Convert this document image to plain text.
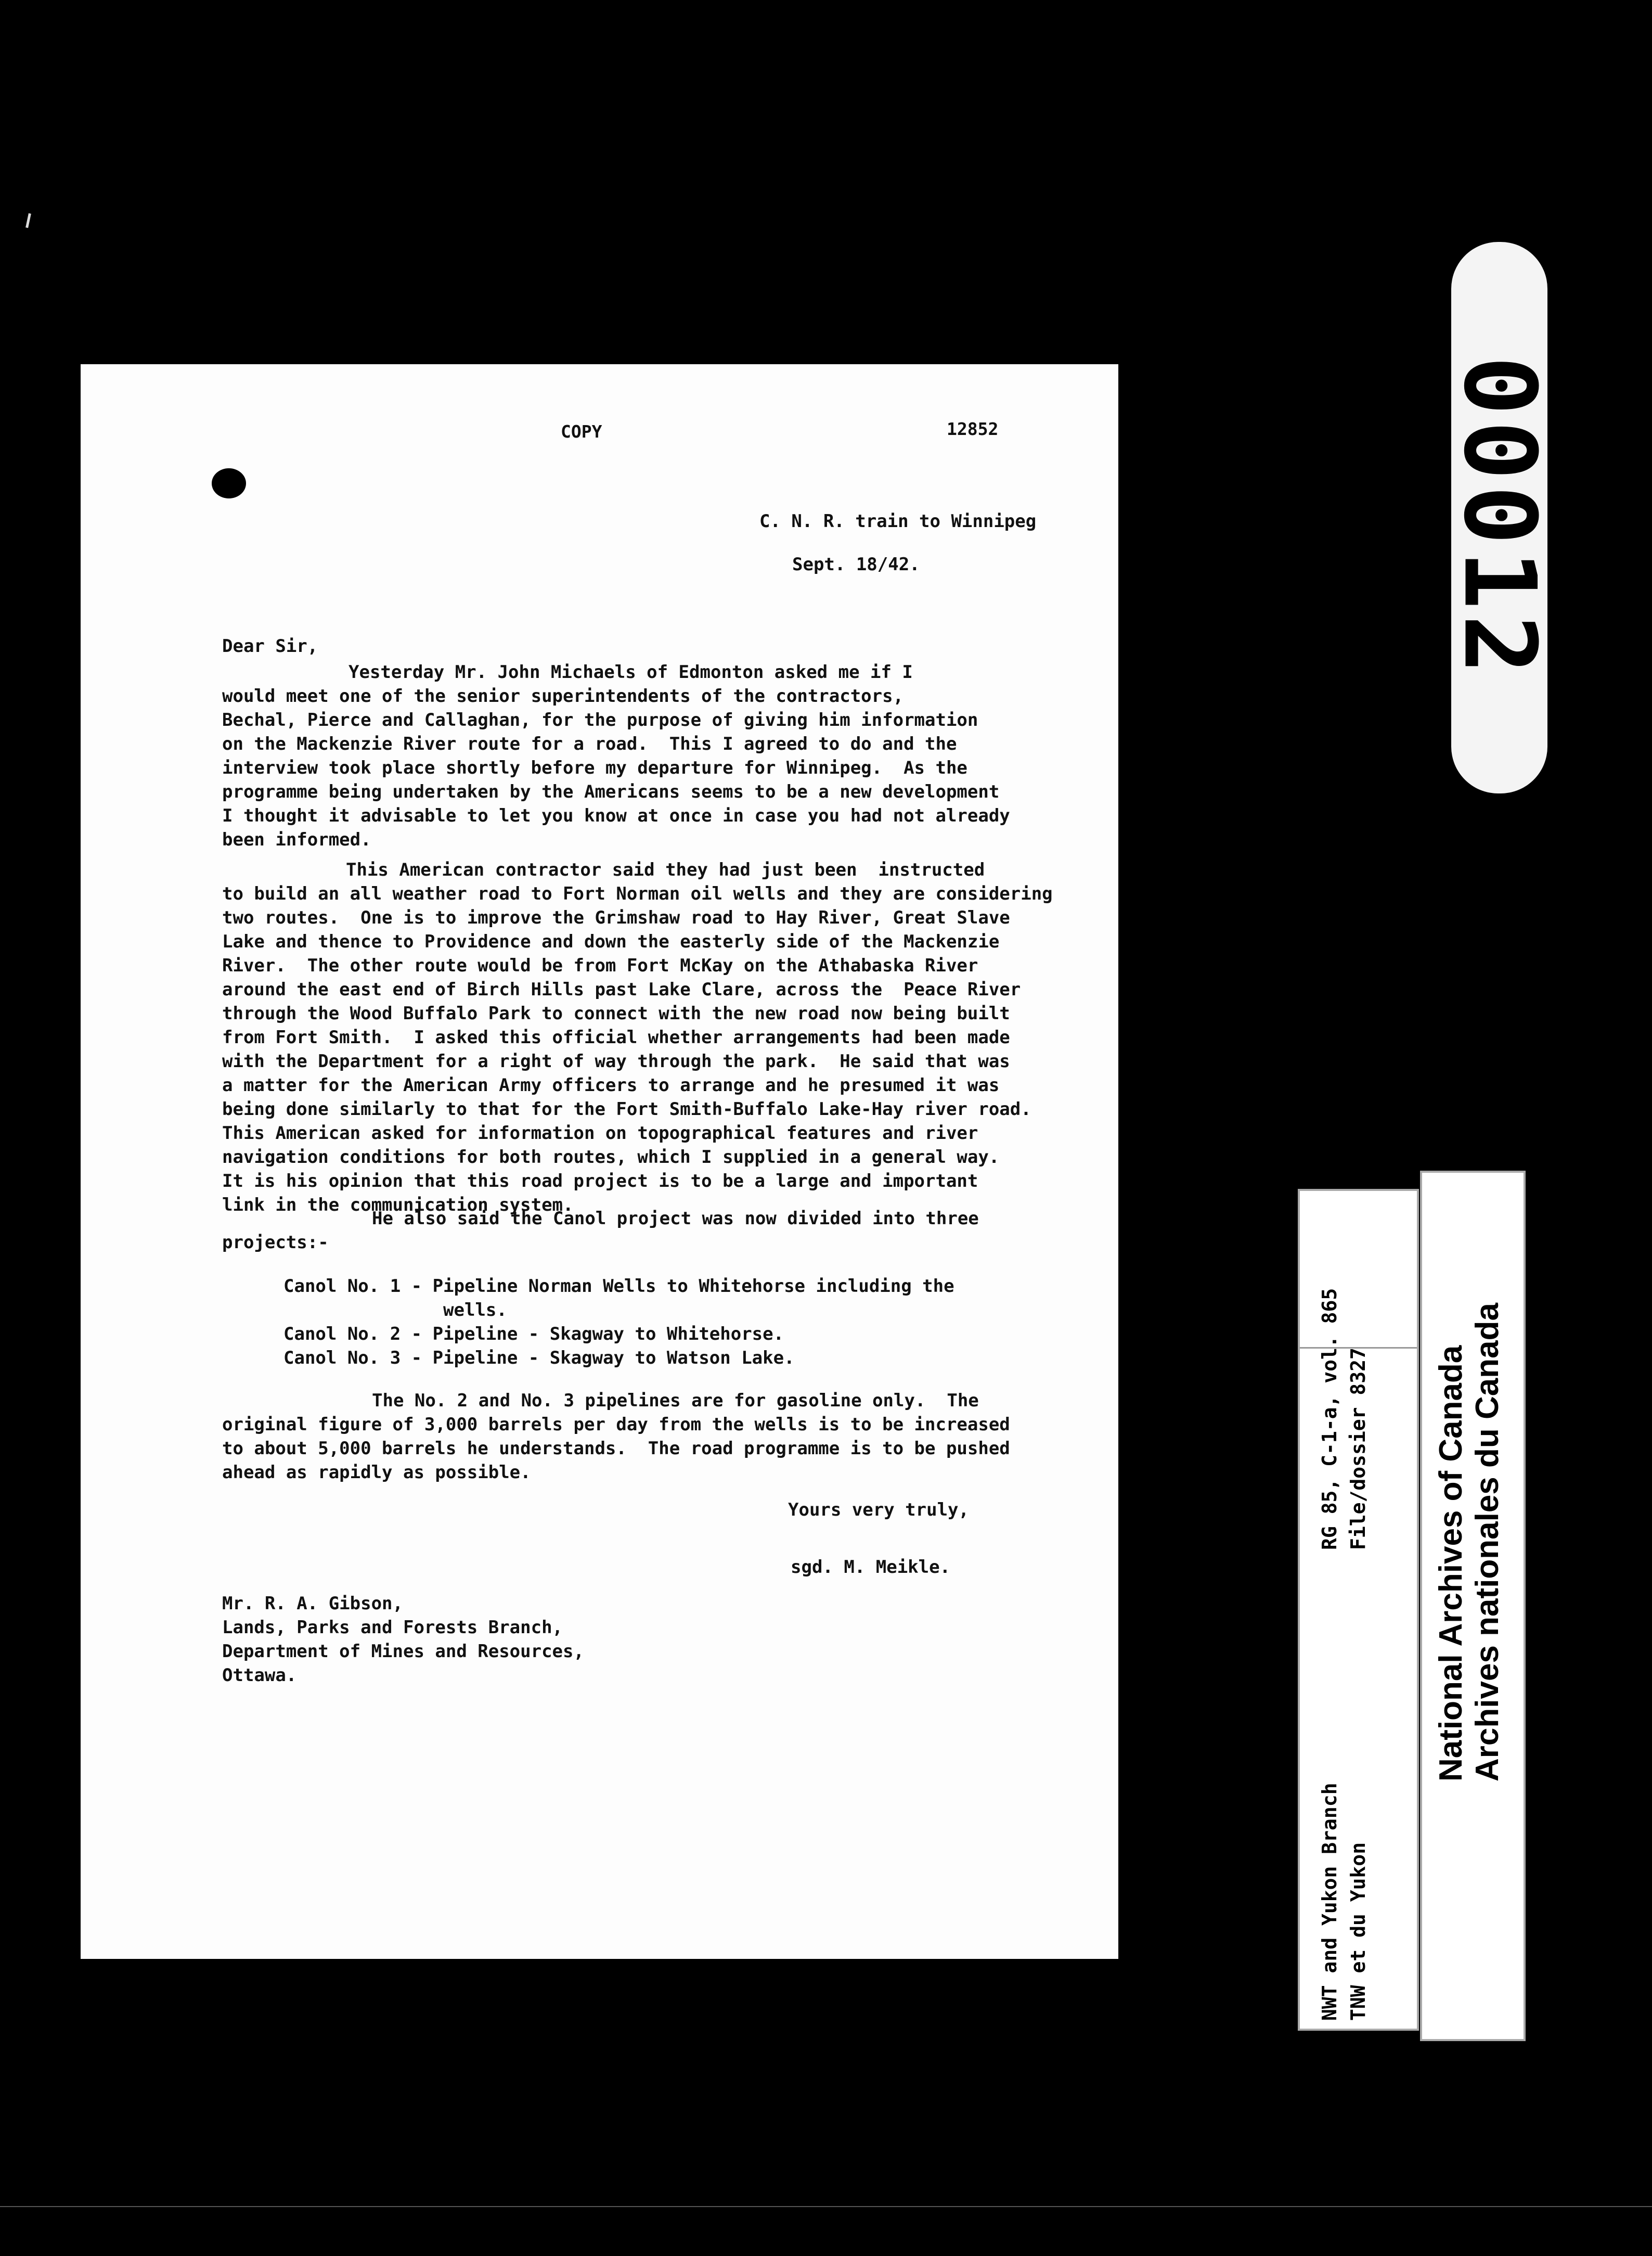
COPY	12852
C. N. R. train to Winnipeg
Sept. 18/42.
Dear Sir,
Yesterday Mr. John Michaels of Edmonton asked me if I
would meet one of the senior superintendents of the contractors,
Bechal, Pierce and Callaghan, for the purpose of giving him information
on the Mackenzie River route for a road.  This I agreed to do and the
interview took place shortly before my departure for Winnipeg.  As the
programme being undertaken by the Americans seems to be a new development
I thought it advisable to let you know at once in case you had not already
been informed.
This American contractor said they had just been  instructed
to build an all weather road to Fort Norman oil wells and they are considering
two routes.  One is to improve the Grimshaw road to Hay River, Great Slave
Lake and thence to Providence and down the easterly side of the Mackenzie
River.  The other route would be from Fort McKay on the Athabaska River
around the east end of Birch Hills past Lake Clare, across the  Peace River
through the Wood Buffalo Park to connect with the new road now being built
from Fort Smith.  I asked this official whether arrangements had been made
with the Department for a right of way through the park.  He said that was
a matter for the American Army officers to arrange and he presumed it was
being done similarly to that for the Fort Smith-Buffalo Lake-Hay river road.
This American asked for information on topographical features and river
navigation conditions for both routes, which I supplied in a general way.
It is his opinion that this road project is to be a large and important
link in the communication system.
He also said the Canol project was now divided into three
projects:-
Canol No. 1 - Pipeline Norman Wells to Whitehorse including the
wells.
Canol No. 2 - Pipeline - Skagway to Whitehorse.
Canol No. 3 - Pipeline - Skagway to Watson Lake.
The No. 2 and No. 3 pipelines are for gasoline only.  The
original figure of 3,000 barrels per day from the wells is to be increased
to about 5,000 barrels he understands.  The road programme is to be pushed
ahead as rapidly as possible.
Yours very truly,
sgd. M. Meikle.
Mr. R. A. Gibson,
Lands, Parks and Forests Branch,
Department of Mines and Resources,
Ottawa.
00012
RG 85, C-1-a, vol. 865 File/dossier 8327
NWT and Yukon Branch TNW et du Yukon
National Archives of Canada Archives nationales du Canada
